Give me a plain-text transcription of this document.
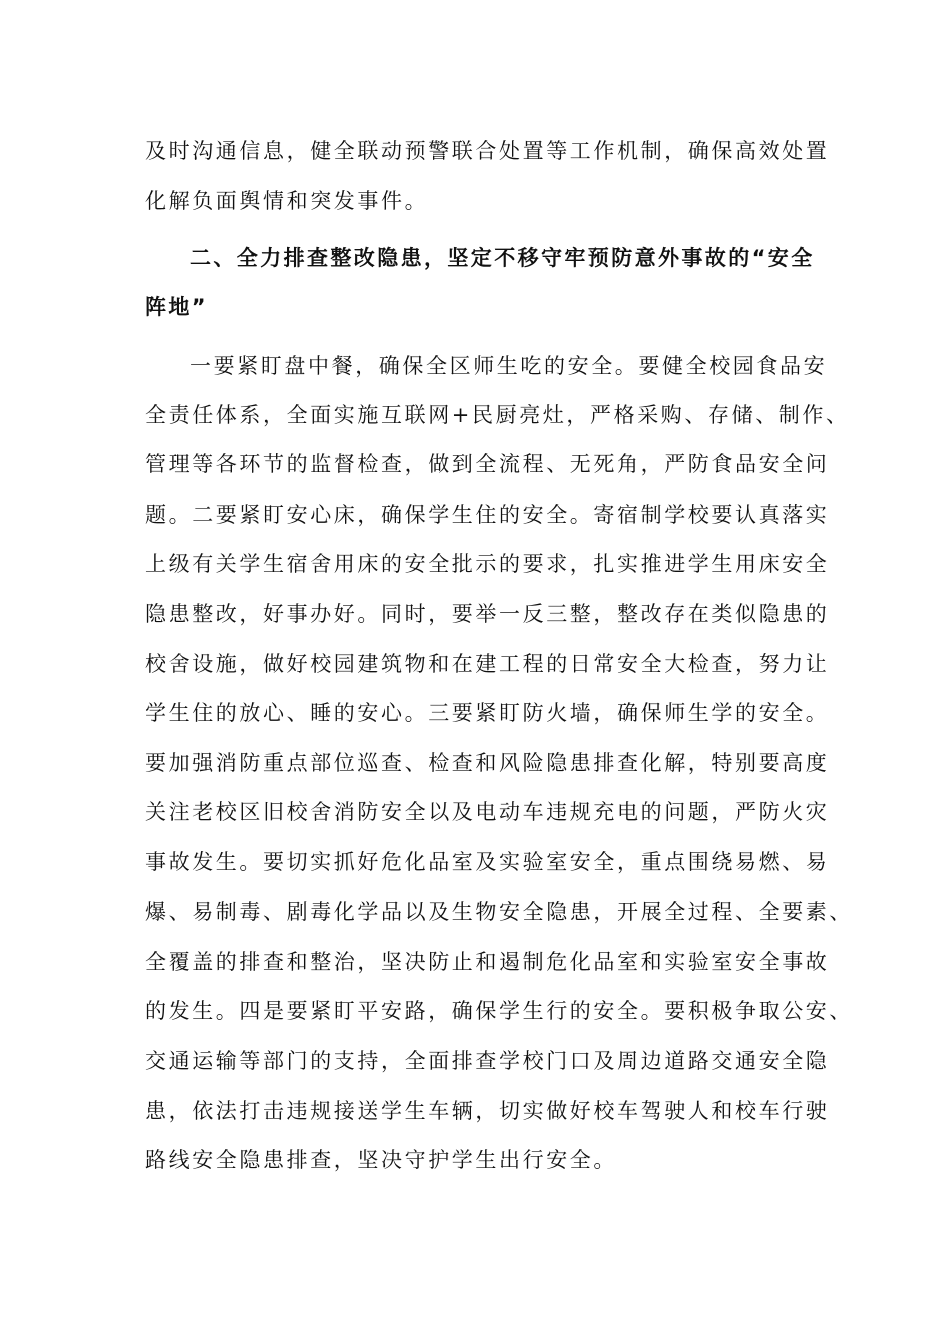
及时沟通信息，健全联动预警联合处置等工作机制，确保高效处置
化解负面舆情和突发事件。
二、全力排查整改隐患，坚定不移守牢预防意外事故的“安全
阵地”
一要紧盯盘中餐，确保全区师生吃的安全。要健全校园食品安
全责任体系，全面实施互联网+民厨亮灶，严格采购、存储、制作、
管理等各环节的监督检查，做到全流程、无死角，严防食品安全问
题。二要紧盯安心床，确保学生住的安全。寄宿制学校要认真落实
上级有关学生宿舍用床的安全批示的要求，扎实推进学生用床安全
隐患整改，好事办好。同时，要举一反三整，整改存在类似隐患的
校舍设施，做好校园建筑物和在建工程的日常安全大检查，努力让
学生住的放心、睡的安心。三要紧盯防火墙，确保师生学的安全。
要加强消防重点部位巡查、检查和风险隐患排查化解，特别要高度
关注老校区旧校舍消防安全以及电动车违规充电的问题，严防火灾
事故发生。要切实抓好危化品室及实验室安全，重点围绕易燃、易
爆、易制毒、剧毒化学品以及生物安全隐患，开展全过程、全要素、
全覆盖的排查和整治，坚决防止和遏制危化品室和实验室安全事故
的发生。四是要紧盯平安路，确保学生行的安全。要积极争取公安、
交通运输等部门的支持，全面排查学校门口及周边道路交通安全隐
患，依法打击违规接送学生车辆，切实做好校车驾驶人和校车行驶
路线安全隐患排查，坚决守护学生出行安全。
